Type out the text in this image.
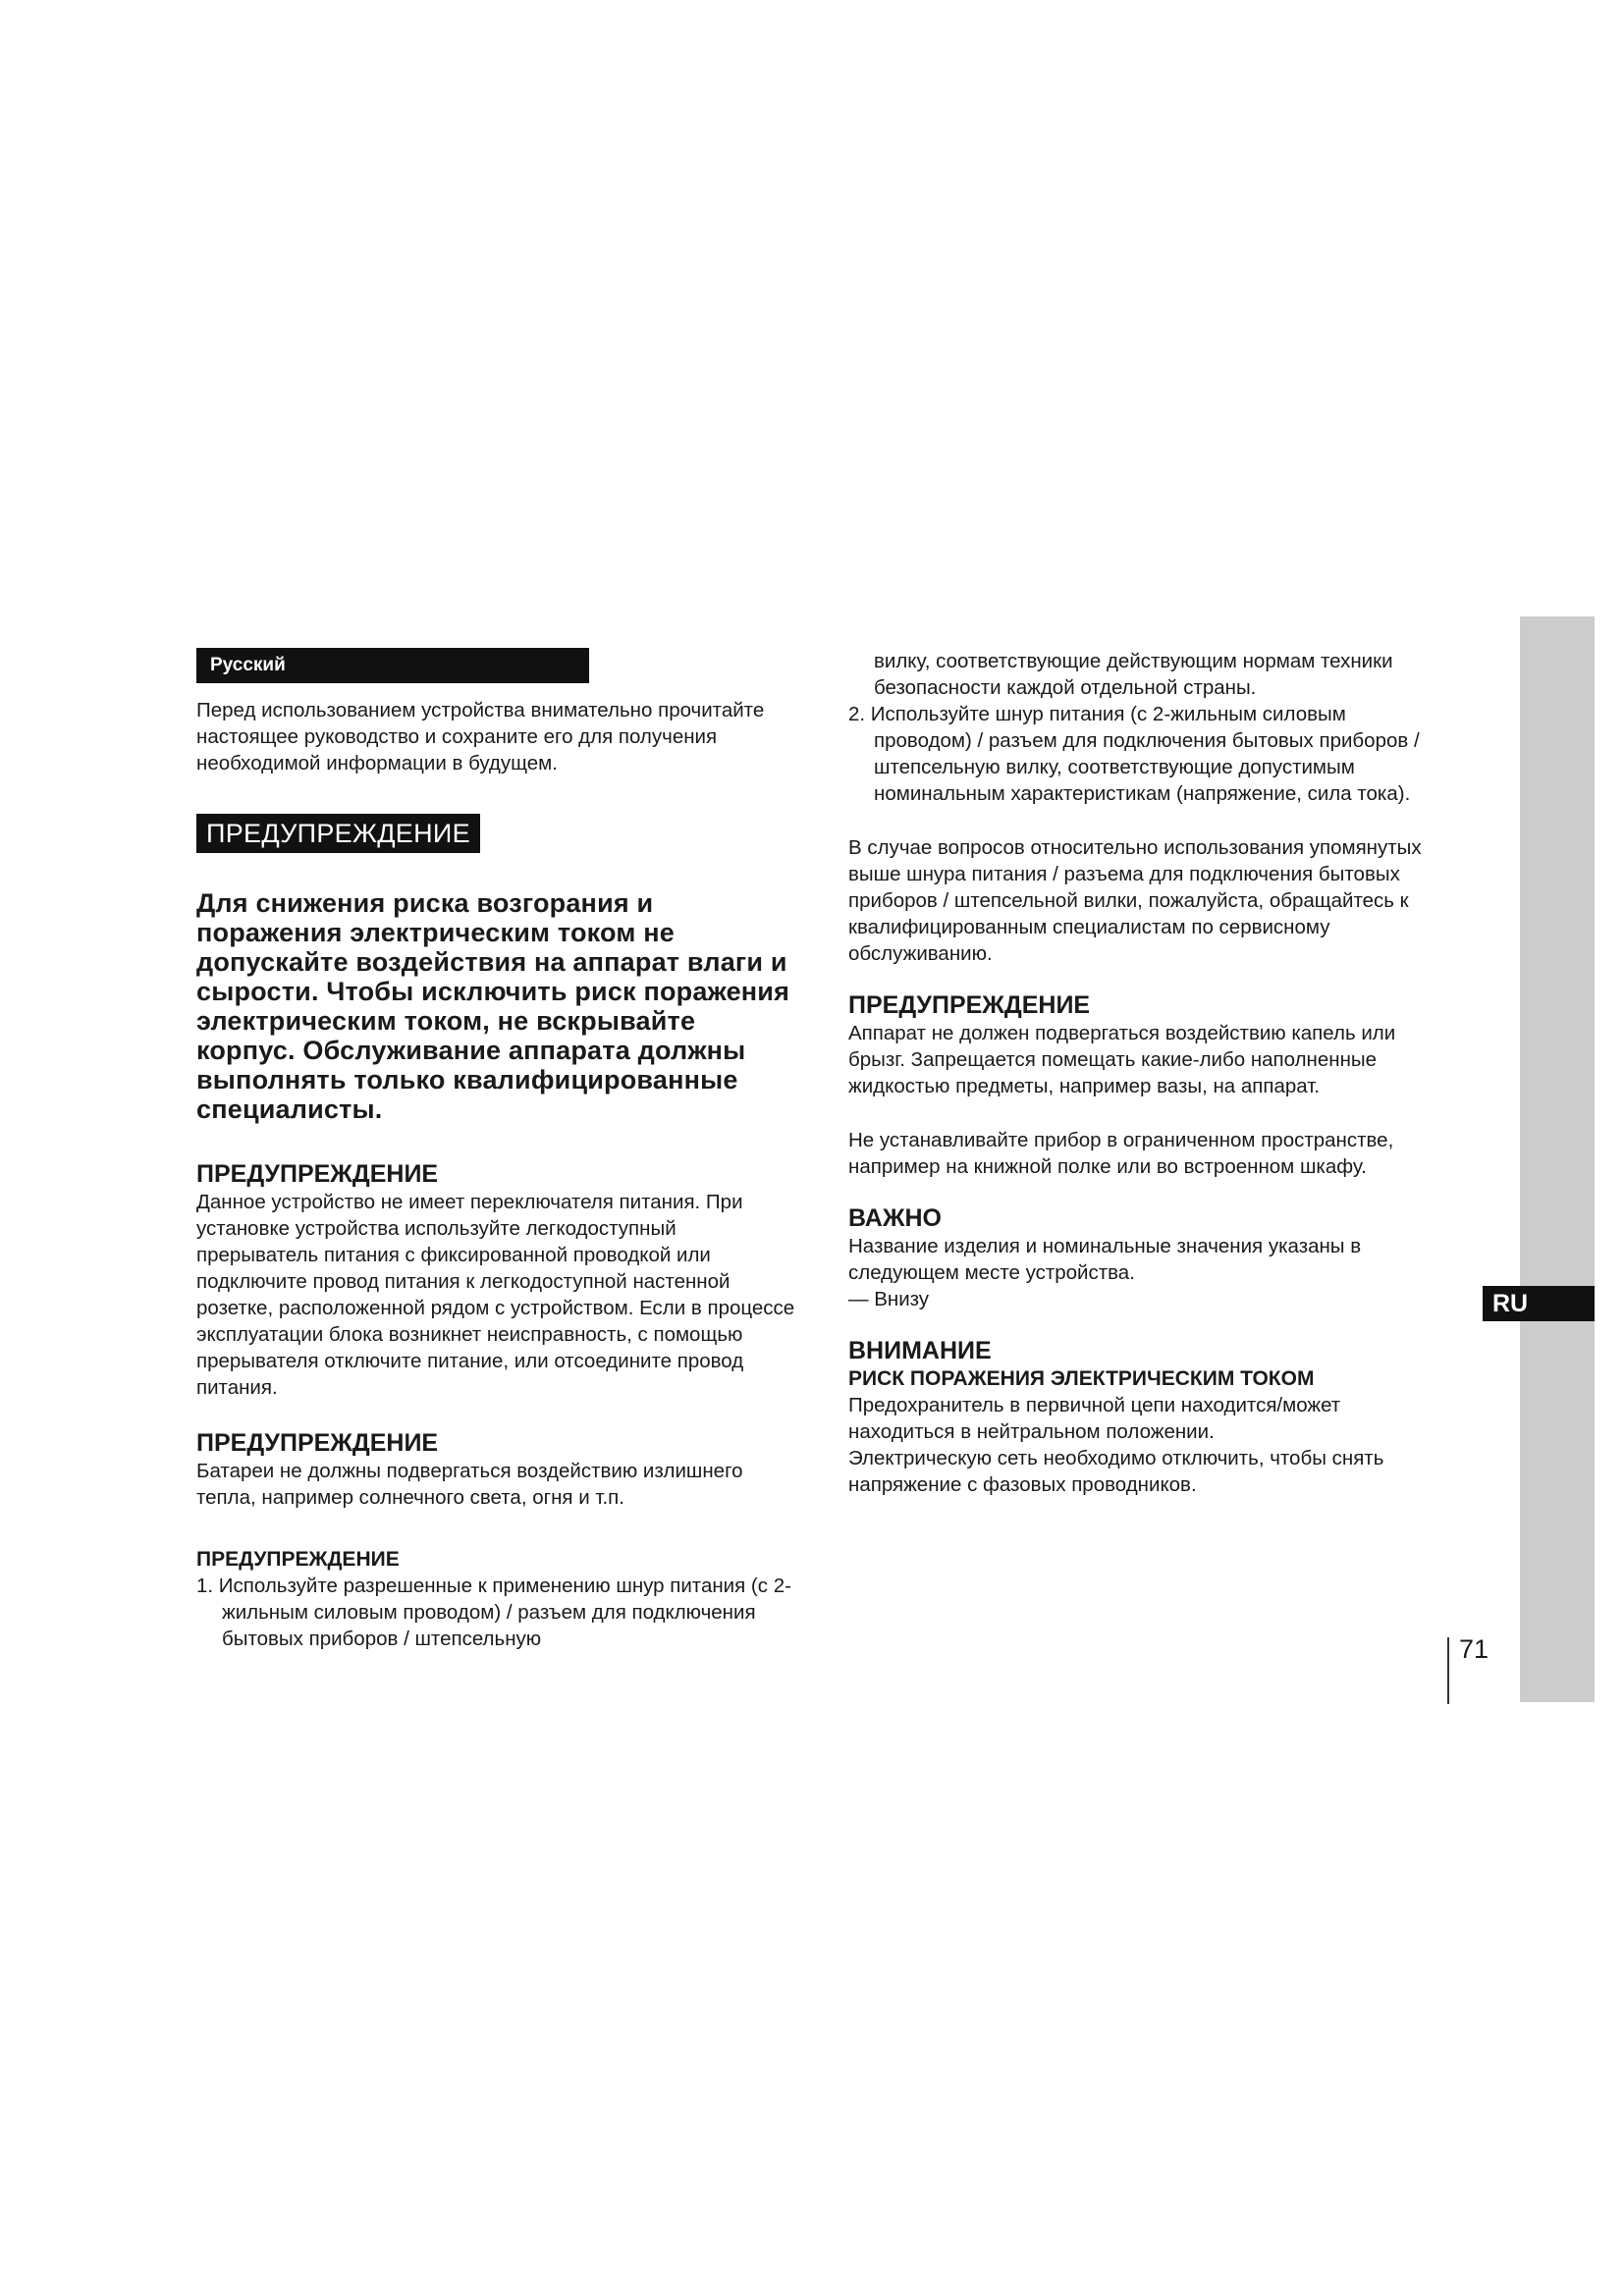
RU
71
Русский

Перед использованием устройства внимательно прочитайте настоящее руководство и сохраните его для получения необходимой информации в будущем.

ПРЕДУПРЕЖДЕНИЕ

Для снижения риска возгорания и поражения электрическим током не допускайте воздействия на аппарат влаги и сырости. Чтобы исключить риск поражения электрическим током, не вскрывайте корпус. Обслуживание аппарата должны выполнять только квалифицированные специалисты.

ПРЕДУПРЕЖДЕНИЕ

Данное устройство не имеет переключателя питания. При установке устройства используйте легкодоступный прерыватель питания с фиксированной проводкой или подключите провод питания к легкодоступной настенной розетке, расположенной рядом с устройством. Если в процессе эксплуатации блока возникнет неисправность, с помощью прерывателя отключите питание, или отсоедините провод питания.

ПРЕДУПРЕЖДЕНИЕ

Батареи не должны подвергаться воздействию излишнего тепла, например солнечного света, огня и т.п.

ПРЕДУПРЕЖДЕНИЕ
1. Используйте разрешенные к применению шнур питания (с 2-жильным силовым проводом) / разъем для подключения бытовых приборов / штепсельную

вилку, соответствующие действующим нормам техники безопасности каждой отдельной страны.

2. Используйте шнур питания (с 2-жильным силовым проводом) / разъем для подключения бытовых приборов / штепсельную вилку, соответствующие допустимым номинальным характеристикам (напряжение, сила тока).

В случае вопросов относительно использования упомянутых выше шнура питания / разъема для подключения бытовых приборов / штепсельной вилки, пожалуйста, обращайтесь к квалифицированным специалистам по сервисному обслуживанию.

ПРЕДУПРЕЖДЕНИЕ

Аппарат не должен подвергаться воздействию капель или брызг. Запрещается помещать какие-либо наполненные жидкостью предметы, например вазы, на аппарат.

Не устанавливайте прибор в ограниченном пространстве, например на книжной полке или во встроенном шкафу.

ВАЖНО

Название изделия и номинальные значения указаны в следующем месте устройства.

— Внизу

ВНИМАНИЕ
РИСК ПОРАЖЕНИЯ ЭЛЕКТРИЧЕСКИМ ТОКОМ

Предохранитель в первичной цепи находится/может находиться в нейтральном положении.

Электрическую сеть необходимо отключить, чтобы снять напряжение с фазовых проводников.
